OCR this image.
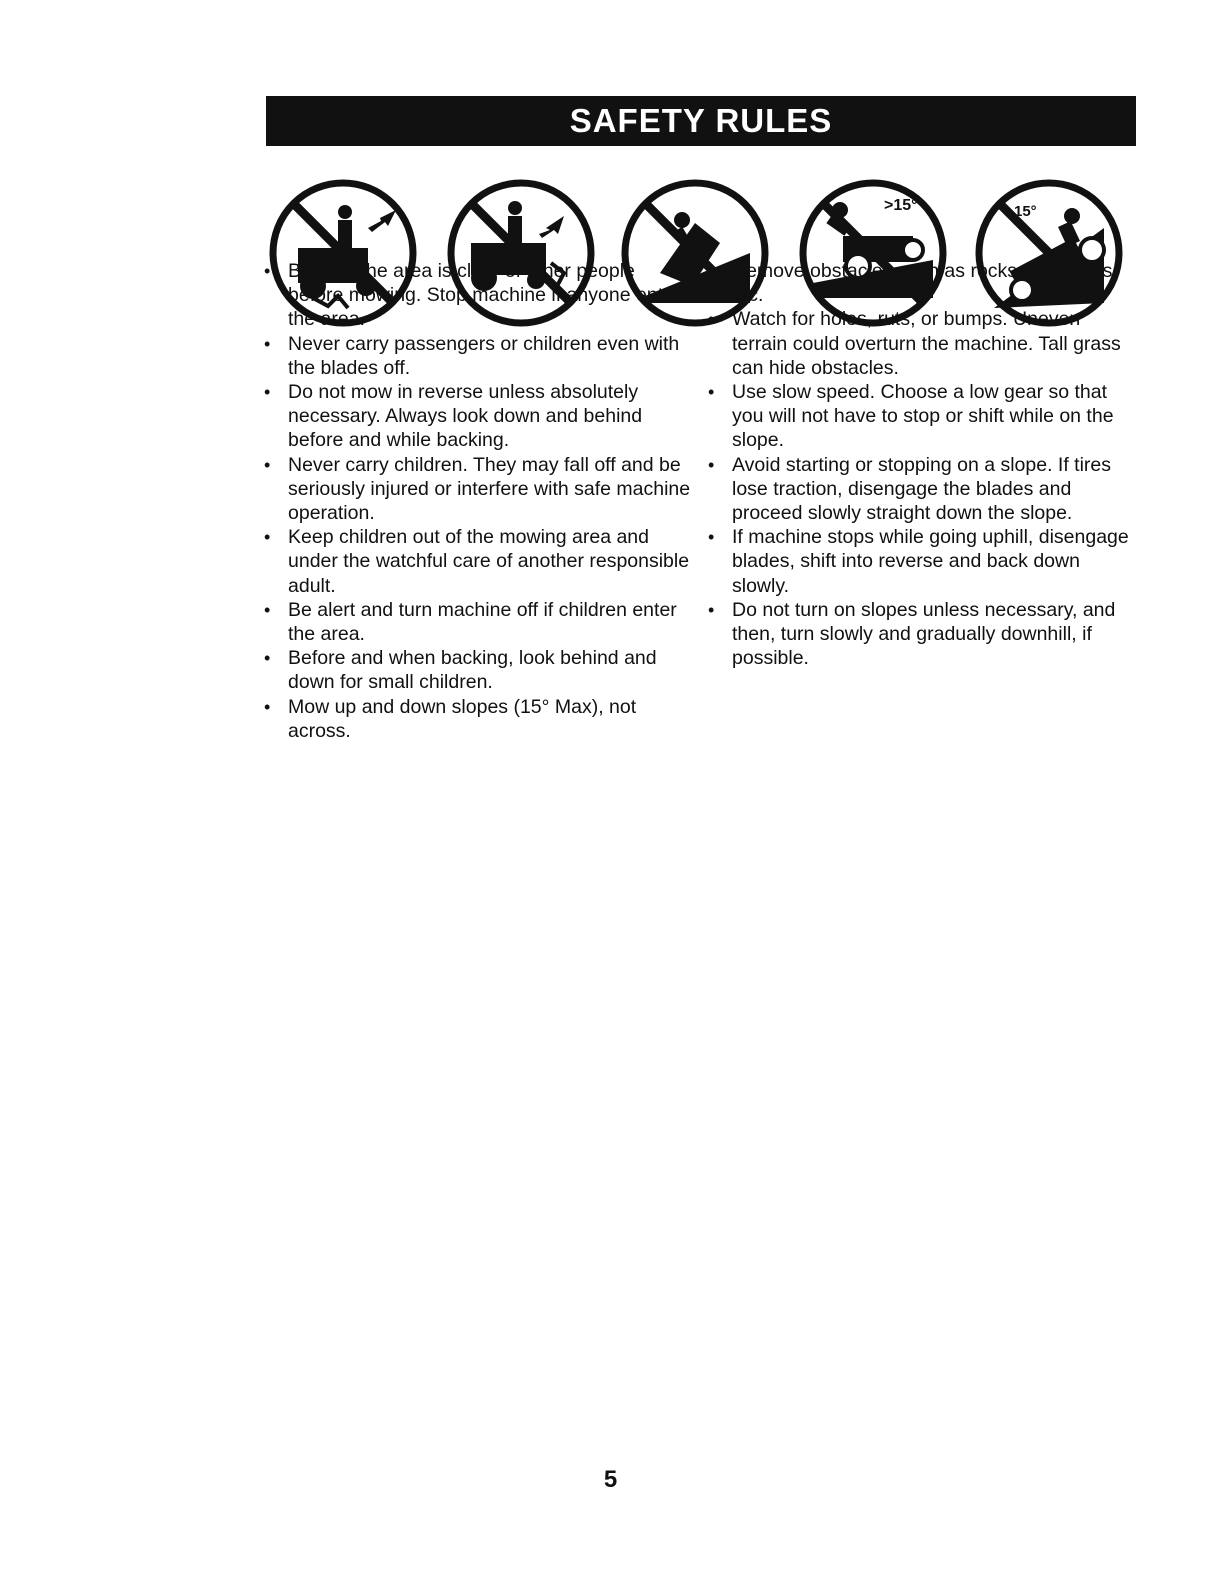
SAFETY RULES
>15°	15°
• Be sure the area is clear of other people before mowing. Stop machine if anyone enters the area.
• Never carry passengers or children even with the blades off.
• Do not mow in reverse unless absolutely necessary. Always look down and behind before and while backing.
• Never carry children. They may fall off and be seriously injured or interfere with safe machine operation.
• Keep children out of the mowing area and under the watchful care of another responsible adult.
• Be alert and turn machine off if children enter the area.
• Before and when backing, look behind and down for small children.
• Mow up and down slopes (15° Max), not across.
• Remove obstacles such as rocks, tree limbs, etc.
• Watch for holes, ruts, or bumps. Uneven terrain could overturn the machine. Tall grass can hide obstacles.
• Use slow speed. Choose a low gear so that you will not have to stop or shift while on the slope.
• Avoid starting or stopping on a slope. If tires lose traction, disengage the blades and proceed slowly straight down the slope.
• If machine stops while going uphill, disengage blades, shift into reverse and back down slowly.
• Do not turn on slopes unless necessary, and then, turn slowly and gradually downhill, if possible.
5
